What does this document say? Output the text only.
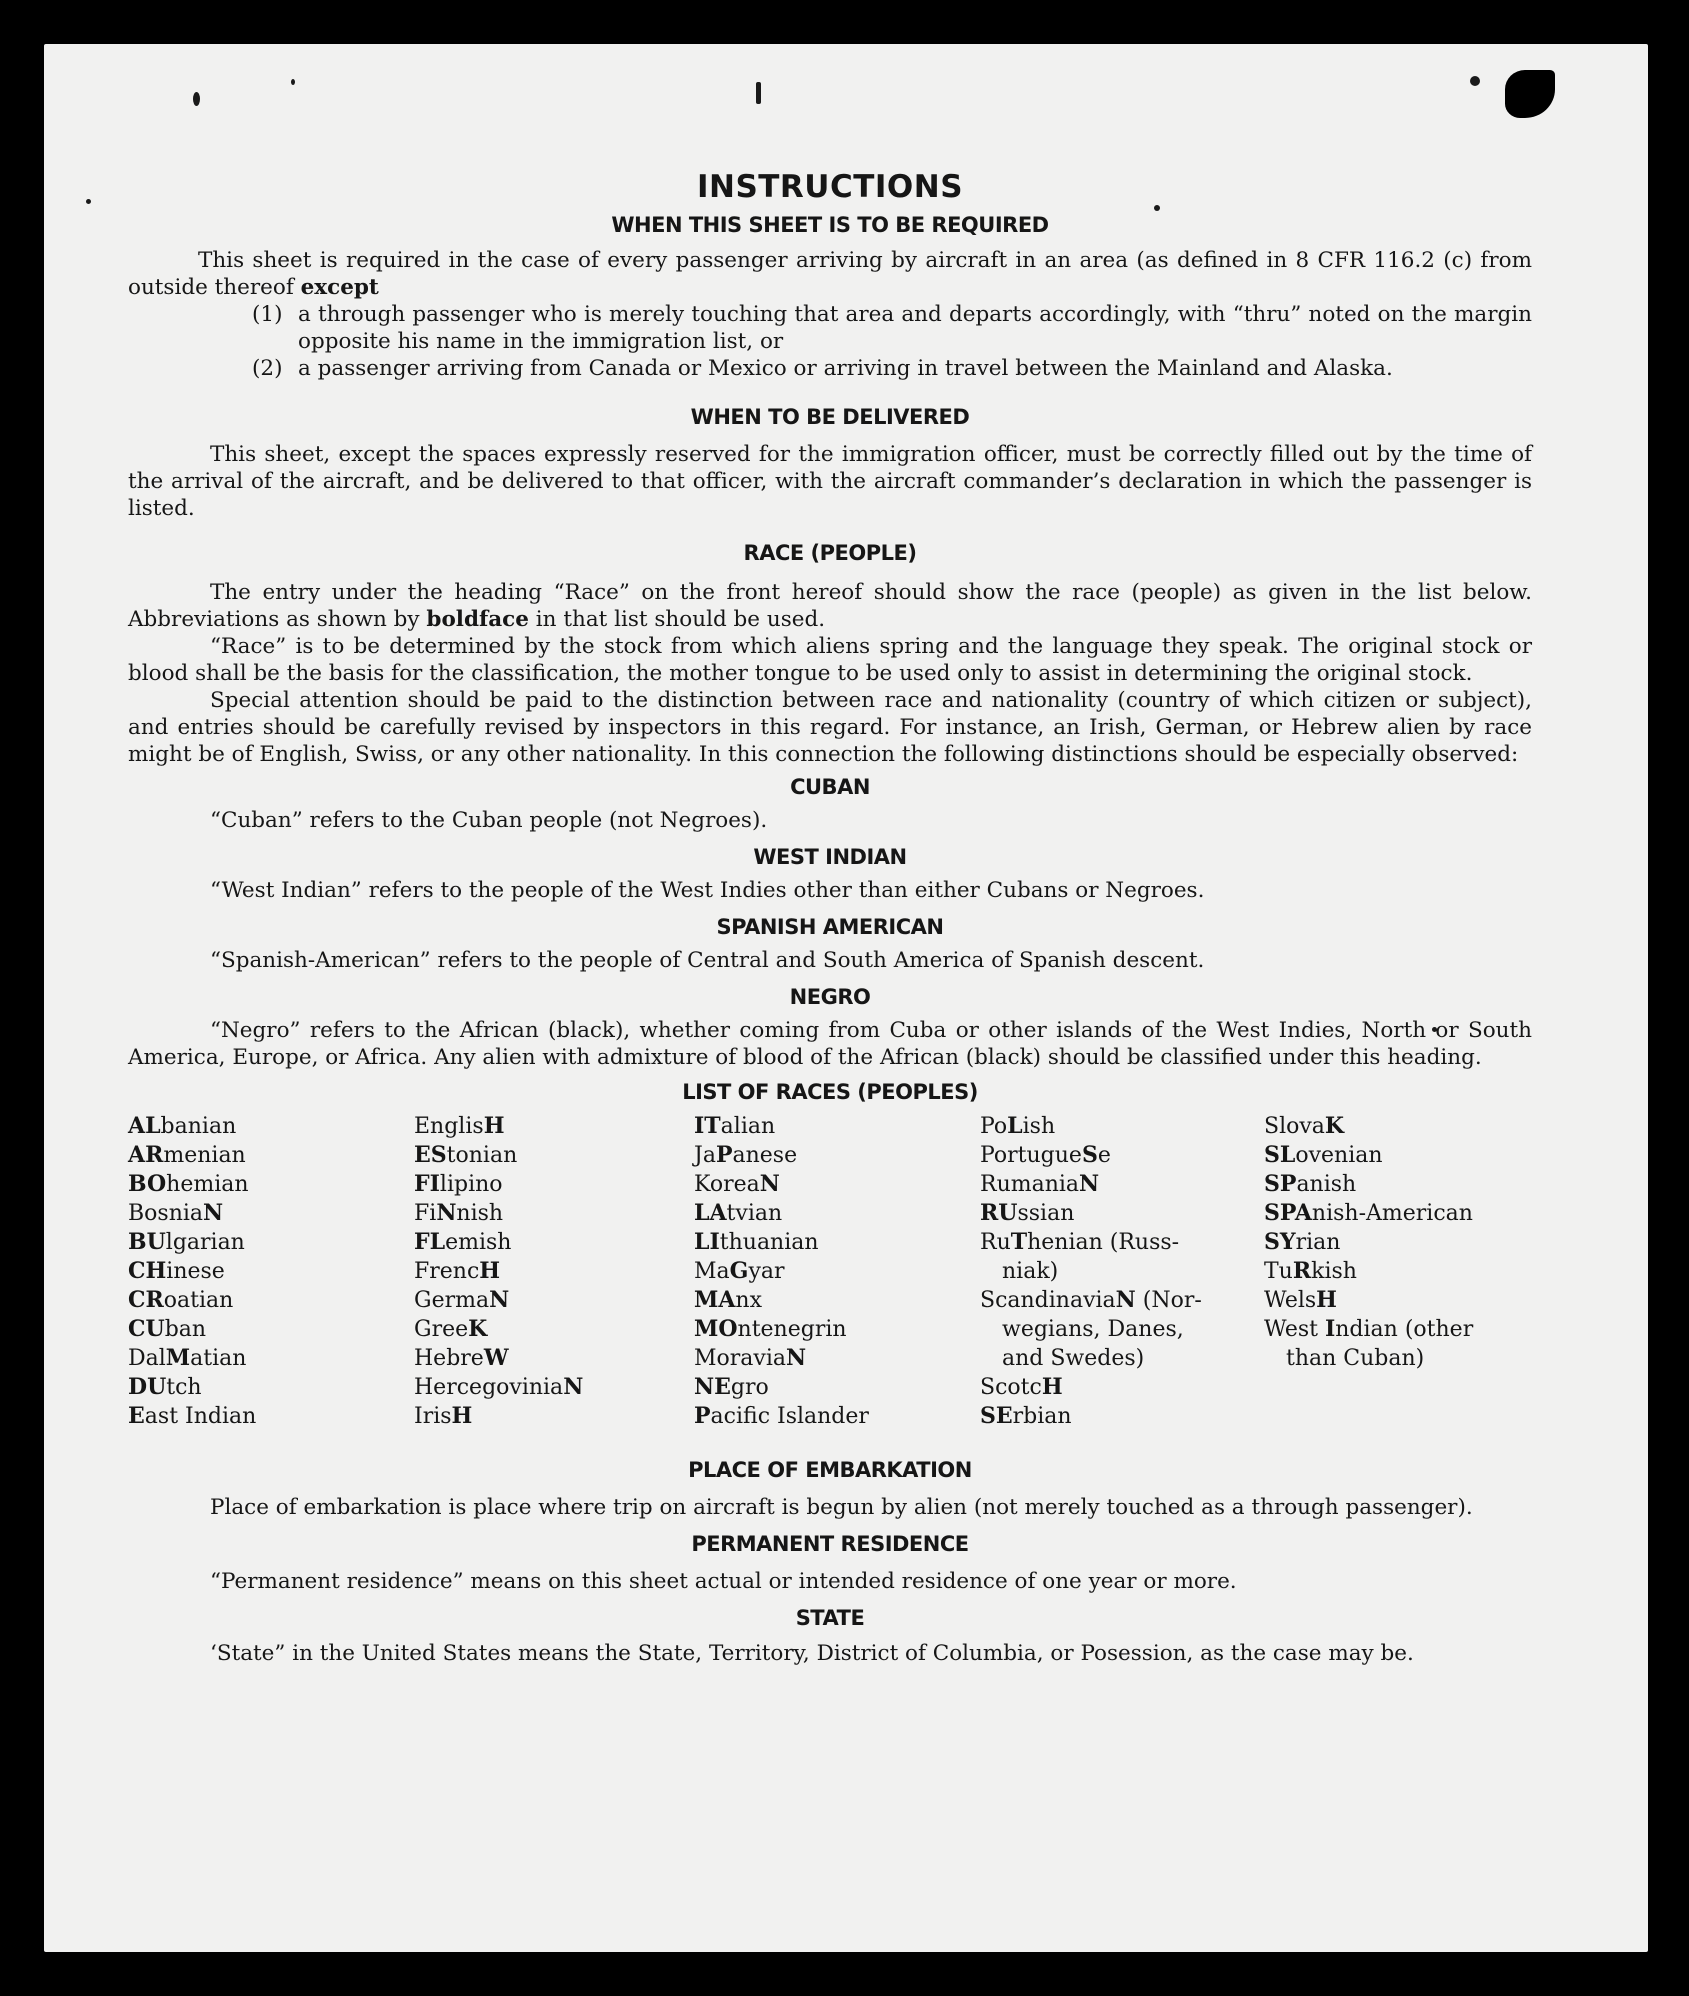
INSTRUCTIONS
WHEN THIS SHEET IS TO BE REQUIRED

This sheet is required in the case of every passenger arriving by aircraft in an area (as defined in 8 CFR 116.2 (c) from outside thereof except

(1) a through passenger who is merely touching that area and departs accordingly, with “thru” noted on the margin opposite his name in the immigration list, or
(2) a passenger arriving from Canada or Mexico or arriving in travel between the Mainland and Alaska.
WHEN TO BE DELIVERED

This sheet, except the spaces expressly reserved for the immigration officer, must be correctly filled out by the time of the arrival of the aircraft, and be delivered to that officer, with the aircraft commander’s declaration in which the passenger is listed.

RACE (PEOPLE)

The entry under the heading “Race” on the front hereof should show the race (people) as given in the list below. Abbreviations as shown by boldface in that list should be used.

“Race” is to be determined by the stock from which aliens spring and the language they speak. The original stock or blood shall be the basis for the classification, the mother tongue to be used only to assist in determining the original stock.

Special attention should be paid to the distinction between race and nationality (country of which citizen or subject), and entries should be carefully revised by inspectors in this regard. For instance, an Irish, German, or Hebrew alien by race might be of English, Swiss, or any other nationality. In this connection the following distinctions should be especially observed:

CUBAN

“Cuban” refers to the Cuban people (not Negroes).

WEST INDIAN

“West Indian” refers to the people of the West Indies other than either Cubans or Negroes.

SPANISH AMERICAN

“Spanish-American” refers to the people of Central and South America of Spanish descent.

NEGRO

“Negro” refers to the African (black), whether coming from Cuba or other islands of the West Indies, North or South America, Europe, or Africa. Any alien with admixture of blood of the African (black) should be classified under this heading.

LIST OF RACES (PEOPLES)
ALbanian
ARmenian
BOhemian
BosniaN
BUlgarian
CHinese
CRoatian
CUban
DalMatian
DUtch
East Indian
EnglisH
EStonian
FIlipino
FiNnish
FLemish
FrencH
GermaN
GreeK
HebreW
HercegoviniaN
IrisH
ITalian
JaPanese
KoreaN
LAtvian
LIthuanian
MaGyar
MAnx
MOntenegrin
MoraviaN
NEgro
Pacific Islander
PoLish
PortugueSe
RumaniaN
RUssian
RuThenian (Russ-
niak)
ScandinaviaN (Nor-
wegians, Danes,
and Swedes)
ScotcH
SErbian
SlovaK
SLovenian
SPanish
SPAnish-American
SYrian
TuRkish
WelsH
West Indian (other
than Cuban)
PLACE OF EMBARKATION

Place of embarkation is place where trip on aircraft is begun by alien (not merely touched as a through passenger).

PERMANENT RESIDENCE

“Permanent residence” means on this sheet actual or intended residence of one year or more.

STATE

‘State” in the United States means the State, Territory, District of Columbia, or Posession, as the case may be.
